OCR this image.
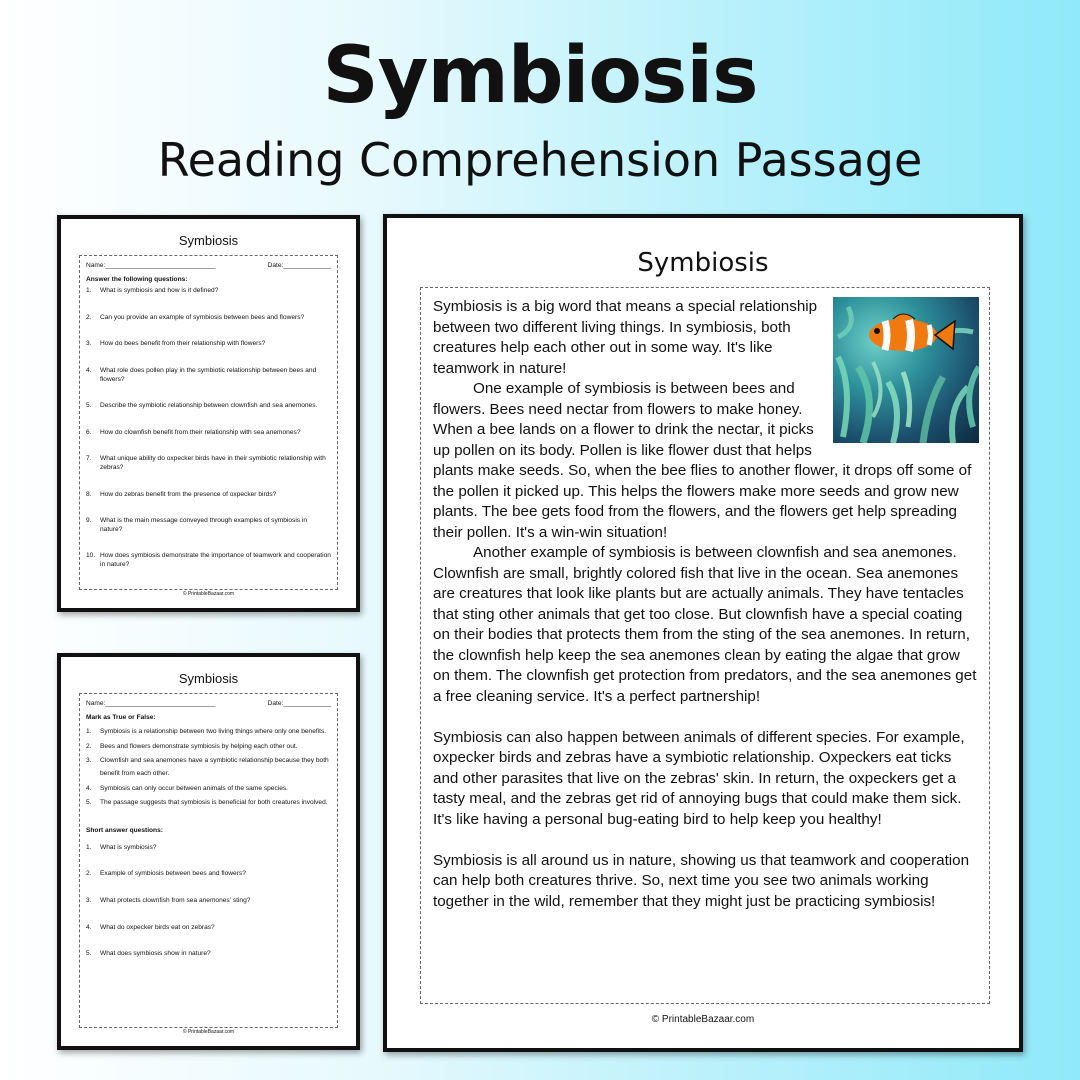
Symbiosis
Reading Comprehension Passage
Symbiosis
Name:______________________________	Date:_____________
Answer the following questions:
1.	What is symbiosis and how is it defined?
2.	Can you provide an example of symbiosis between bees and flowers?
3.	How do bees benefit from their relationship with flowers?
4.	What role does pollen play in the symbiotic relationship between bees and flowers?
5.	Describe the symbiotic relationship between clownfish and sea anemones.
6.	How do clownfish benefit from their relationship with sea anemones?
7.	What unique ability do oxpecker birds have in their symbiotic relationship with zebras?
8.	How do zebras benefit from the presence of oxpecker birds?
9.	What is the main message conveyed through examples of symbiosis in nature?
10. How does symbiosis demonstrate the importance of teamwork and cooperation in nature?
© PrintableBazaar.com
Symbiosis
Name:______________________________	Date:_____________
Mark as True or False:
1.	Symbiosis is a relationship between two living things where only one benefits.
2.	Bees and flowers demonstrate symbiosis by helping each other out.
3.	Clownfish and sea anemones have a symbiotic relationship because they both benefit from each other.
4.	Symbiosis can only occur between animals of the same species.
5.	The passage suggests that symbiosis is beneficial for both creatures involved.
Short answer questions:
1.	What is symbiosis?
2.	Example of symbiosis between bees and flowers?
3.	What protects clownfish from sea anemones' sting?
4.	What do oxpecker birds eat on zebras?
5.	What does symbiosis show in nature?
© PrintableBazaar.com
Symbiosis

Symbiosis is a big word that means a special relationship between two different living things. In symbiosis, both creatures help each other out in some way. It's like teamwork in nature!

One example of symbiosis is between bees and flowers. Bees need nectar from flowers to make honey. When a bee lands on a flower to drink the nectar, it picks up pollen on its body. Pollen is like flower dust that helps plants make seeds. So, when the bee flies to another flower, it drops off some of the pollen it picked up. This helps the flowers make more seeds and grow new plants. The bee gets food from the flowers, and the flowers get help spreading their pollen. It's a win-win situation!

Another example of symbiosis is between clownfish and sea anemones. Clownfish are small, brightly colored fish that live in the ocean. Sea anemones are creatures that look like plants but are actually animals. They have tentacles that sting other animals that get too close. But clownfish have a special coating on their bodies that protects them from the sting of the sea anemones. In return, the clownfish help keep the sea anemones clean by eating the algae that grow on them. The clownfish get protection from predators, and the sea anemones get a free cleaning service. It's a perfect partnership!

Symbiosis can also happen between animals of different species. For example, oxpecker birds and zebras have a symbiotic relationship. Oxpeckers eat ticks and other parasites that live on the zebras' skin. In return, the oxpeckers get a tasty meal, and the zebras get rid of annoying bugs that could make them sick. It's like having a personal bug-eating bird to help keep you healthy!

Symbiosis is all around us in nature, showing us that teamwork and cooperation can help both creatures thrive. So, next time you see two animals working together in the wild, remember that they might just be practicing symbiosis!

© PrintableBazaar.com
